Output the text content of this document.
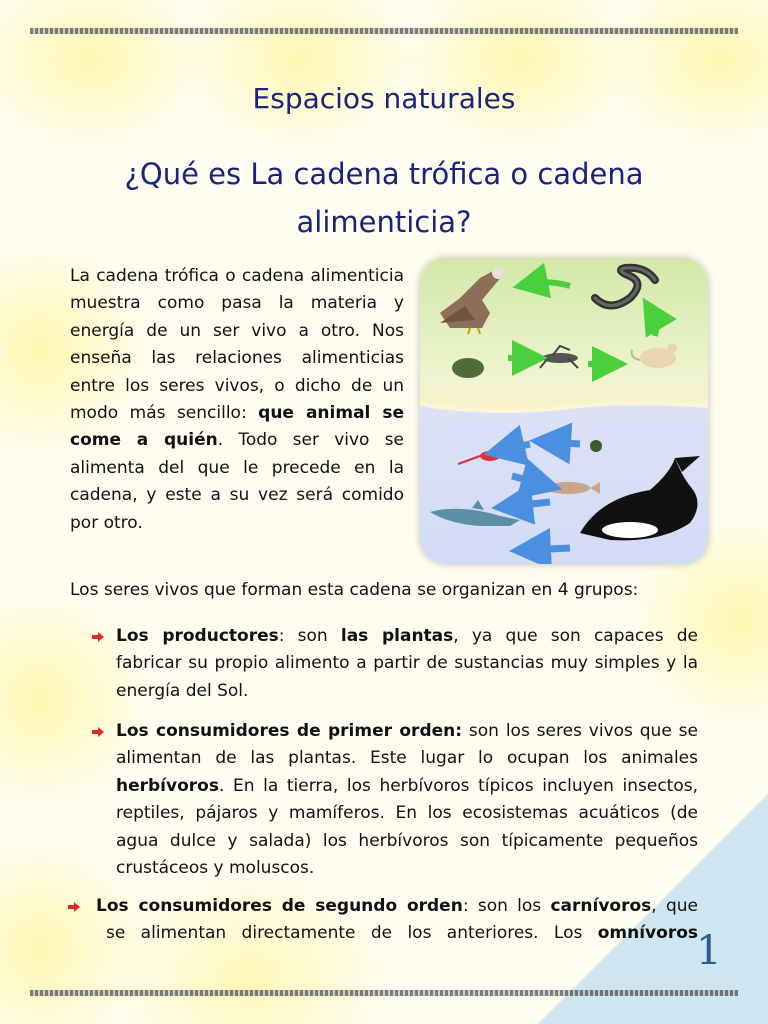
Espacios naturales
¿Qué es La cadena trófica o cadena
alimenticia?

La cadena trófica o cadena alimenticia muestra como pasa la materia y energía de un ser vivo a otro. Nos enseña las relaciones alimenticias entre los seres vivos, o dicho de un modo más sencillo: que animal se come a quién. Todo ser vivo se alimenta del que le precede en la cadena, y este a su vez será comido por otro.

Los seres vivos que forman esta cadena se organizan en 4 grupos:

Los productores: son las plantas, ya que son capaces de fabricar su propio alimento a partir de sustancias muy simples y la energía del Sol.

Los consumidores de primer orden: son los seres vivos que se alimentan de las plantas. Este lugar lo ocupan los animales herbívoros. En la tierra, los herbívoros típicos incluyen insectos, reptiles, pájaros y mamíferos. En los ecosistemas acuáticos (de agua dulce y salada) los herbívoros son típicamente pequeños crustáceos y moluscos.

Los consumidores de segundo orden: son los carnívoros, que
se alimentan directamente de los anteriores. Los omnívoros

1
